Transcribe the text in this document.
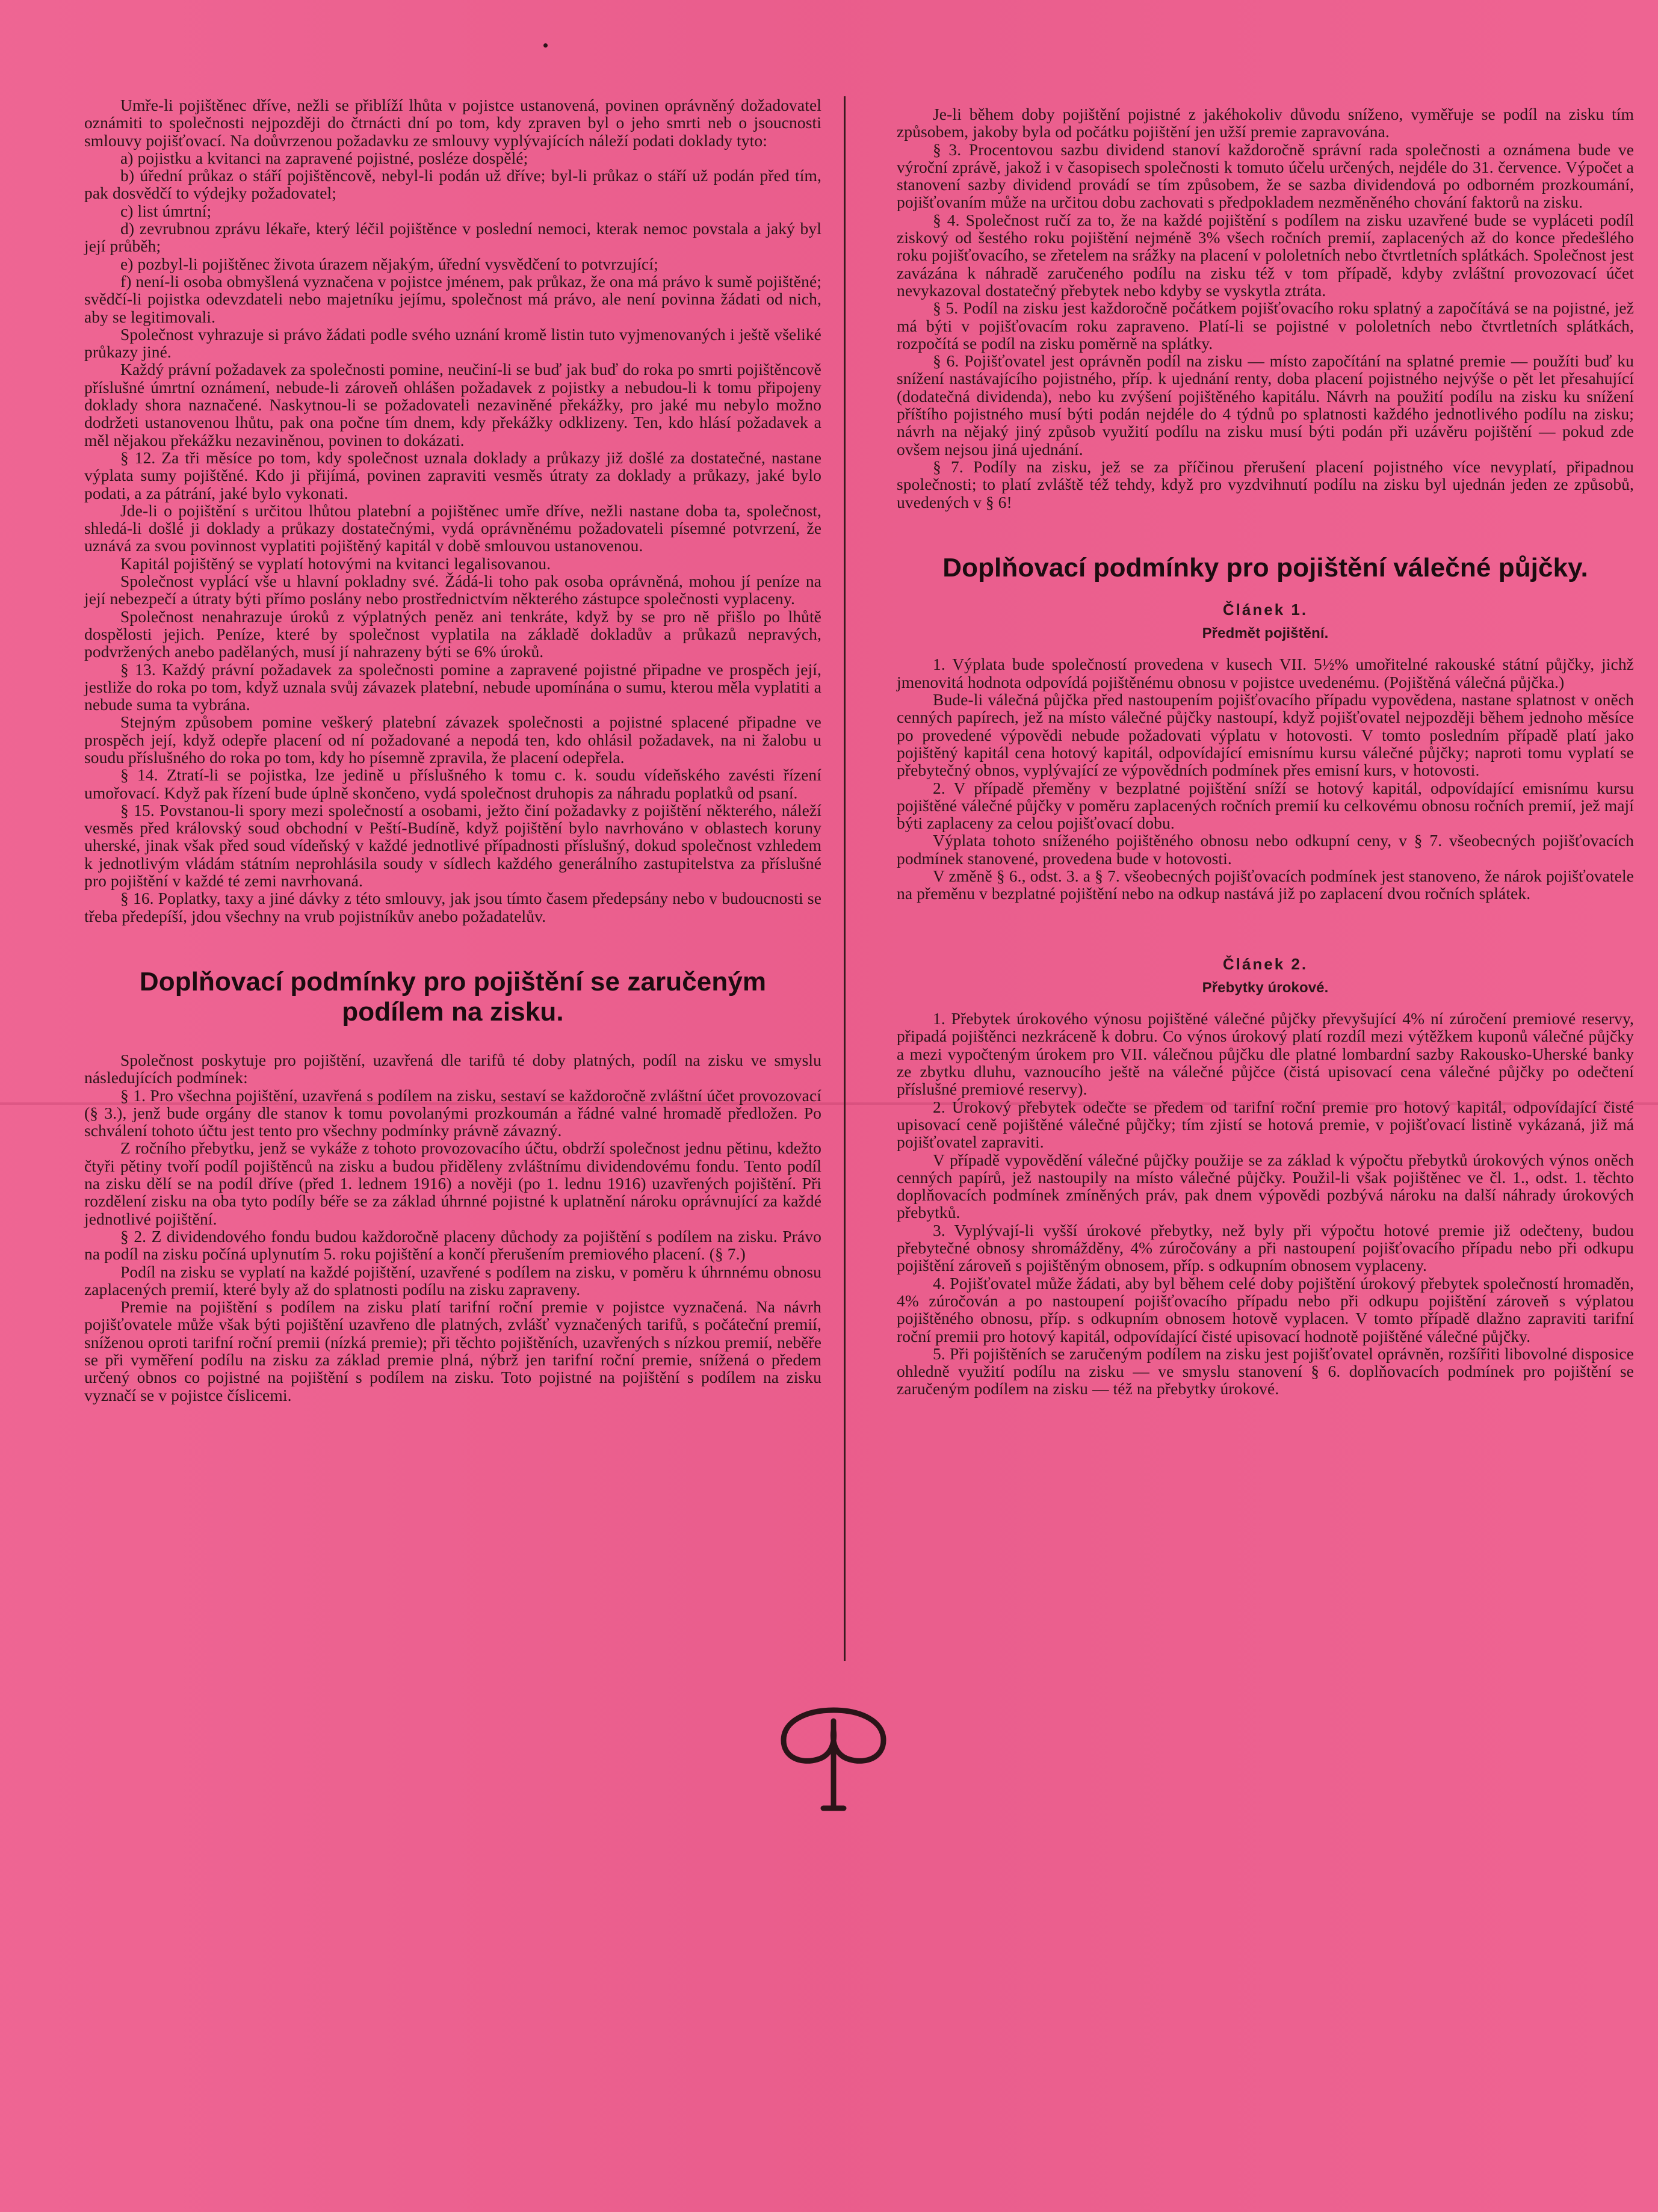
Umře-li pojištěnec dříve, nežli se přiblíží lhůta v pojistce ustanovená, povinen oprávněný dožadovatel oznámiti to společnosti nejpozději do čtrnácti dní po tom, kdy zpraven byl o jeho smrti neb o jsoucnosti smlouvy pojišťovací. Na doůvrzenou požadavku ze smlouvy vyplývajících náleží podati doklady tyto:

a) pojistku a kvitanci na zapravené pojistné, posléze dospělé;

b) úřední průkaz o stáří pojištěncově, nebyl-li podán už dříve; byl-li průkaz o stáří už podán před tím, pak dosvědčí to výdejky požadovatel;

c) list úmrtní;

d) zevrubnou zprávu lékaře, který léčil pojištěnce v poslední nemoci, kterak nemoc povstala a jaký byl její průběh;

e) pozbyl-li pojištěnec života úrazem nějakým, úřední vysvědčení to potvrzující;

f) není-li osoba obmyšlená vyznačena v pojistce jménem, pak průkaz, že ona má právo k sumě pojištěné; svědčí-li pojistka odevzdateli nebo majetníku jejímu, společnost má právo, ale není povinna žádati od nich, aby se legitimovali.

Společnost vyhrazuje si právo žádati podle svého uznání kromě listin tuto vyjmenovaných i ještě všeliké průkazy jiné.

Každý právní požadavek za společnosti pomine, neučiní-li se buď jak buď do roka po smrti pojištěncově příslušné úmrtní oznámení, nebude-li zároveň ohlášen požadavek z pojistky a nebudou-li k tomu připojeny doklady shora naznačené. Naskytnou-li se požadovateli nezaviněné překážky, pro jaké mu nebylo možno dodržeti ustanovenou lhůtu, pak ona počne tím dnem, kdy překážky odklizeny. Ten, kdo hlásí požadavek a měl nějakou překážku nezaviněnou, povinen to dokázati.

§ 12. Za tři měsíce po tom, kdy společnost uznala doklady a průkazy již došlé za dostatečné, nastane výplata sumy pojištěné. Kdo ji přijímá, povinen zapraviti vesměs útraty za doklady a průkazy, jaké bylo podati, a za pátrání, jaké bylo vykonati.

Jde-li o pojištění s určitou lhůtou platební a pojištěnec umře dříve, nežli nastane doba ta, společnost, shledá-li došlé ji doklady a průkazy dostatečnými, vydá oprávněnému požadovateli písemné potvrzení, že uznává za svou povinnost vyplatiti pojištěný kapitál v době smlouvou ustanovenou.

Kapitál pojištěný se vyplatí hotovými na kvitanci legalisovanou.

Společnost vyplácí vše u hlavní pokladny své. Žádá-li toho pak osoba oprávněná, mohou jí peníze na její nebezpečí a útraty býti přímo poslány nebo prostřednictvím některého zástupce společnosti vyplaceny.

Společnost nenahrazuje úroků z výplatných peněz ani tenkráte, když by se pro ně přišlo po lhůtě dospělosti jejich. Peníze, které by společnost vyplatila na základě dokladův a průkazů nepravých, podvržených anebo padělaných, musí jí nahrazeny býti se 6% úroků.

§ 13. Každý právní požadavek za společnosti pomine a zapravené pojistné připadne ve prospěch její, jestliže do roka po tom, když uznala svůj závazek platební, nebude upomínána o sumu, kterou měla vyplatiti a nebude suma ta vybrána.

Stejným způsobem pomine veškerý platební závazek společnosti a pojistné splacené připadne ve prospěch její, když odepře placení od ní požadované a nepodá ten, kdo ohlásil požadavek, na ni žalobu u soudu příslušného do roka po tom, kdy ho písemně zpravila, že placení odepřela.

§ 14. Ztratí-li se pojistka, lze jedině u příslušného k tomu c. k. soudu vídeňského zavésti řízení umořovací. Když pak řízení bude úplně skončeno, vydá společnost druhopis za náhradu poplatků od psaní.

§ 15. Povstanou-li spory mezi společností a osobami, ježto činí požadavky z pojištění některého, náleží vesměs před královský soud obchodní v Peští-Budíně, když pojištění bylo navrhováno v oblastech koruny uherské, jinak však před soud vídeňský v každé jednotlivé případnosti příslušný, dokud společnost vzhledem k jednotlivým vládám státním neprohlásila soudy v sídlech každého generálního zastupitelstva za příslušné pro pojištění v každé té zemi navrhovaná.

§ 16. Poplatky, taxy a jiné dávky z této smlouvy, jak jsou tímto časem předepsány nebo v budoucnosti se třeba předepíší, jdou všechny na vrub pojistníkův anebo požadatelův.

Doplňovací podmínky pro pojištění se zaručeným
podílem na zisku.

Společnost poskytuje pro pojištění, uzavřená dle tarifů té doby platných, podíl na zisku ve smyslu následujících podmínek:

§ 1. Pro všechna pojištění, uzavřená s podílem na zisku, sestaví se každoročně zvláštní účet provozovací (§ 3.), jenž bude orgány dle stanov k tomu povolanými prozkoumán a řádné valné hromadě předložen. Po schválení tohoto účtu jest tento pro všechny podmínky právně závazný.

Z ročního přebytku, jenž se vykáže z tohoto provozovacího účtu, obdrží společnost jednu pětinu, kdežto čtyři pětiny tvoří podíl pojištěnců na zisku a budou přiděleny zvláštnímu dividendovému fondu. Tento podíl na zisku dělí se na podíl dříve (před 1. lednem 1916) a nověji (po 1. lednu 1916) uzavřených pojištění. Při rozdělení zisku na oba tyto podíly béře se za základ úhrnné pojistné k uplatnění nároku oprávnující za každé jednotlivé pojištění.

§ 2. Z dividendového fondu budou každoročně placeny důchody za pojištění s podílem na zisku. Právo na podíl na zisku počíná uplynutím 5. roku pojištění a končí přerušením premiového placení. (§ 7.)

Podíl na zisku se vyplatí na každé pojištění, uzavřené s podílem na zisku, v poměru k úhrnnému obnosu zaplacených premií, které byly až do splatnosti podílu na zisku zapraveny.

Premie na pojištění s podílem na zisku platí tarifní roční premie v pojistce vyznačená. Na návrh pojišťovatele může však býti pojištění uzavřeno dle platných, zvlášť vyznačených tarifů, s počáteční premií, sníženou oproti tarifní roční premii (nízká premie); při těchto pojištěních, uzavřených s nízkou premií, neběře se při vyměření podílu na zisku za základ premie plná, nýbrž jen tarifní roční premie, snížená o předem určený obnos co pojistné na pojištění s podílem na zisku. Toto pojistné na pojištění s podílem na zisku vyznačí se v pojistce číslicemi.

Je-li během doby pojištění pojistné z jakéhokoliv důvodu sníženo, vyměřuje se podíl na zisku tím způsobem, jakoby byla od počátku pojištění jen užší premie zapravována.

§ 3. Procentovou sazbu dividend stanoví každoročně správní rada společnosti a oznámena bude ve výroční zprávě, jakož i v časopisech společnosti k tomuto účelu určených, nejdéle do 31. července. Výpočet a stanovení sazby dividend provádí se tím způsobem, že se sazba dividendová po odborném prozkoumání, pojišťovaním může na určitou dobu zachovati s předpokladem nezměněného chování faktorů na zisku.

§ 4. Společnost ručí za to, že na každé pojištění s podílem na zisku uzavřené bude se vypláceti podíl ziskový od šestého roku pojištění nejméně 3% všech ročních premií, zaplacených až do konce předešlého roku pojišťovacího, se zřetelem na srážky na placení v pololetních nebo čtvrtletních splátkách. Společnost jest zavázána k náhradě zaručeného podílu na zisku též v tom případě, kdyby zvláštní provozovací účet nevykazoval dostatečný přebytek nebo kdyby se vyskytla ztráta.

§ 5. Podíl na zisku jest každoročně počátkem pojišťovacího roku splatný a započítává se na pojistné, jež má býti v pojišťovacím roku zapraveno. Platí-li se pojistné v pololetních nebo čtvrtletních splátkách, rozpočítá se podíl na zisku poměrně na splátky.

§ 6. Pojišťovatel jest oprávněn podíl na zisku — místo započítání na splatné premie — použíti buď ku snížení nastávajícího pojistného, příp. k ujednání renty, doba placení pojistného nejvýše o pět let přesahující (dodatečná dividenda), nebo ku zvýšení pojištěného kapitálu. Návrh na použití podílu na zisku ku snížení příštího pojistného musí býti podán nejdéle do 4 týdnů po splatnosti každého jednotlivého podílu na zisku; návrh na nějaký jiný způsob využití podílu na zisku musí býti podán při uzávěru pojištění — pokud zde ovšem nejsou jiná ujednání.

§ 7. Podíly na zisku, jež se za příčinou přerušení placení pojistného více nevyplatí, připadnou společnosti; to platí zvláště též tehdy, když pro vyzdvihnutí podílu na zisku byl ujednán jeden ze způsobů, uvedených v § 6!

Doplňovací podmínky pro pojištění válečné půjčky.
Článek 1.
Předmět pojištění.

1. Výplata bude společností provedena v kusech VII. 5½% umořitelné rakouské státní půjčky, jichž jmenovitá hodnota odpovídá pojištěnému obnosu v pojistce uvedenému. (Pojištěná válečná půjčka.)

Bude-li válečná půjčka před nastoupením pojišťovacího případu vypovědena, nastane splatnost v oněch cenných papírech, jež na místo válečné půjčky nastoupí, když pojišťovatel nejpozději během jednoho měsíce po provedené výpovědi nebude požadovati výplatu v hotovosti. V tomto posledním případě platí jako pojištěný kapitál cena hotový kapitál, odpovídající emisnímu kursu válečné půjčky; naproti tomu vyplatí se přebytečný obnos, vyplývající ze výpovědních podmínek přes emisní kurs, v hotovosti.

2. V případě přeměny v bezplatné pojištění sníží se hotový kapitál, odpovídající emisnímu kursu pojištěné válečné půjčky v poměru zaplacených ročních premií ku celkovému obnosu ročních premií, jež mají býti zaplaceny za celou pojišťovací dobu.

Výplata tohoto sníženého pojištěného obnosu nebo odkupní ceny, v § 7. všeobecných pojišťovacích podmínek stanovené, provedena bude v hotovosti.

V změně § 6., odst. 3. a § 7. všeobecných pojišťovacích podmínek jest stanoveno, že nárok pojišťovatele na přeměnu v bezplatné pojištění nebo na odkup nastává již po zaplacení dvou ročních splátek.

Článek 2.
Přebytky úrokové.

1. Přebytek úrokového výnosu pojištěné válečné půjčky převyšující 4% ní zúročení premiové reservy, připadá pojištěnci nezkráceně k dobru. Co výnos úrokový platí rozdíl mezi výtěžkem kuponů válečné půjčky a mezi vypočteným úrokem pro VII. válečnou půjčku dle platné lombardní sazby Rakousko-Uherské banky ze zbytku dluhu, vaznoucího ještě na válečné půjčce (čistá upisovací cena válečné půjčky po odečtení příslušné premiové reservy).

2. Úrokový přebytek odečte se předem od tarifní roční premie pro hotový kapitál, odpovídající čisté upisovací ceně pojištěné válečné půjčky; tím zjistí se hotová premie, v pojišťovací listině vykázaná, již má pojišťovatel zapraviti.

V případě vypovědění válečné půjčky použije se za základ k výpočtu přebytků úrokových výnos oněch cenných papírů, jež nastoupily na místo válečné půjčky. Použil-li však pojištěnec ve čl. 1., odst. 1. těchto doplňovacích podmínek zmíněných práv, pak dnem výpovědi pozbývá nároku na další náhrady úrokových přebytků.

3. Vyplývají-li vyšší úrokové přebytky, než byly při výpočtu hotové premie již odečteny, budou přebytečné obnosy shromážděny, 4% zúročovány a při nastoupení pojišťovacího případu nebo při odkupu pojištění zároveň s pojištěným obnosem, příp. s odkupním obnosem vyplaceny.

4. Pojišťovatel může žádati, aby byl během celé doby pojištění úrokový přebytek společností hromaděn, 4% zúročován a po nastoupení pojišťovacího případu nebo při odkupu pojištění zároveň s výplatou pojištěného obnosu, příp. s odkupním obnosem hotově vyplacen. V tomto případě dlažno zapraviti tarifní roční premii pro hotový kapitál, odpovídající čisté upisovací hodnotě pojištěné válečné půjčky.

5. Při pojištěních se zaručeným podílem na zisku jest pojišťovatel oprávněn, rozšířiti libovolné disposice ohledně využití podílu na zisku — ve smyslu stanovení § 6. doplňovacích podmínek pro pojištění se zaručeným podílem na zisku — též na přebytky úrokové.
